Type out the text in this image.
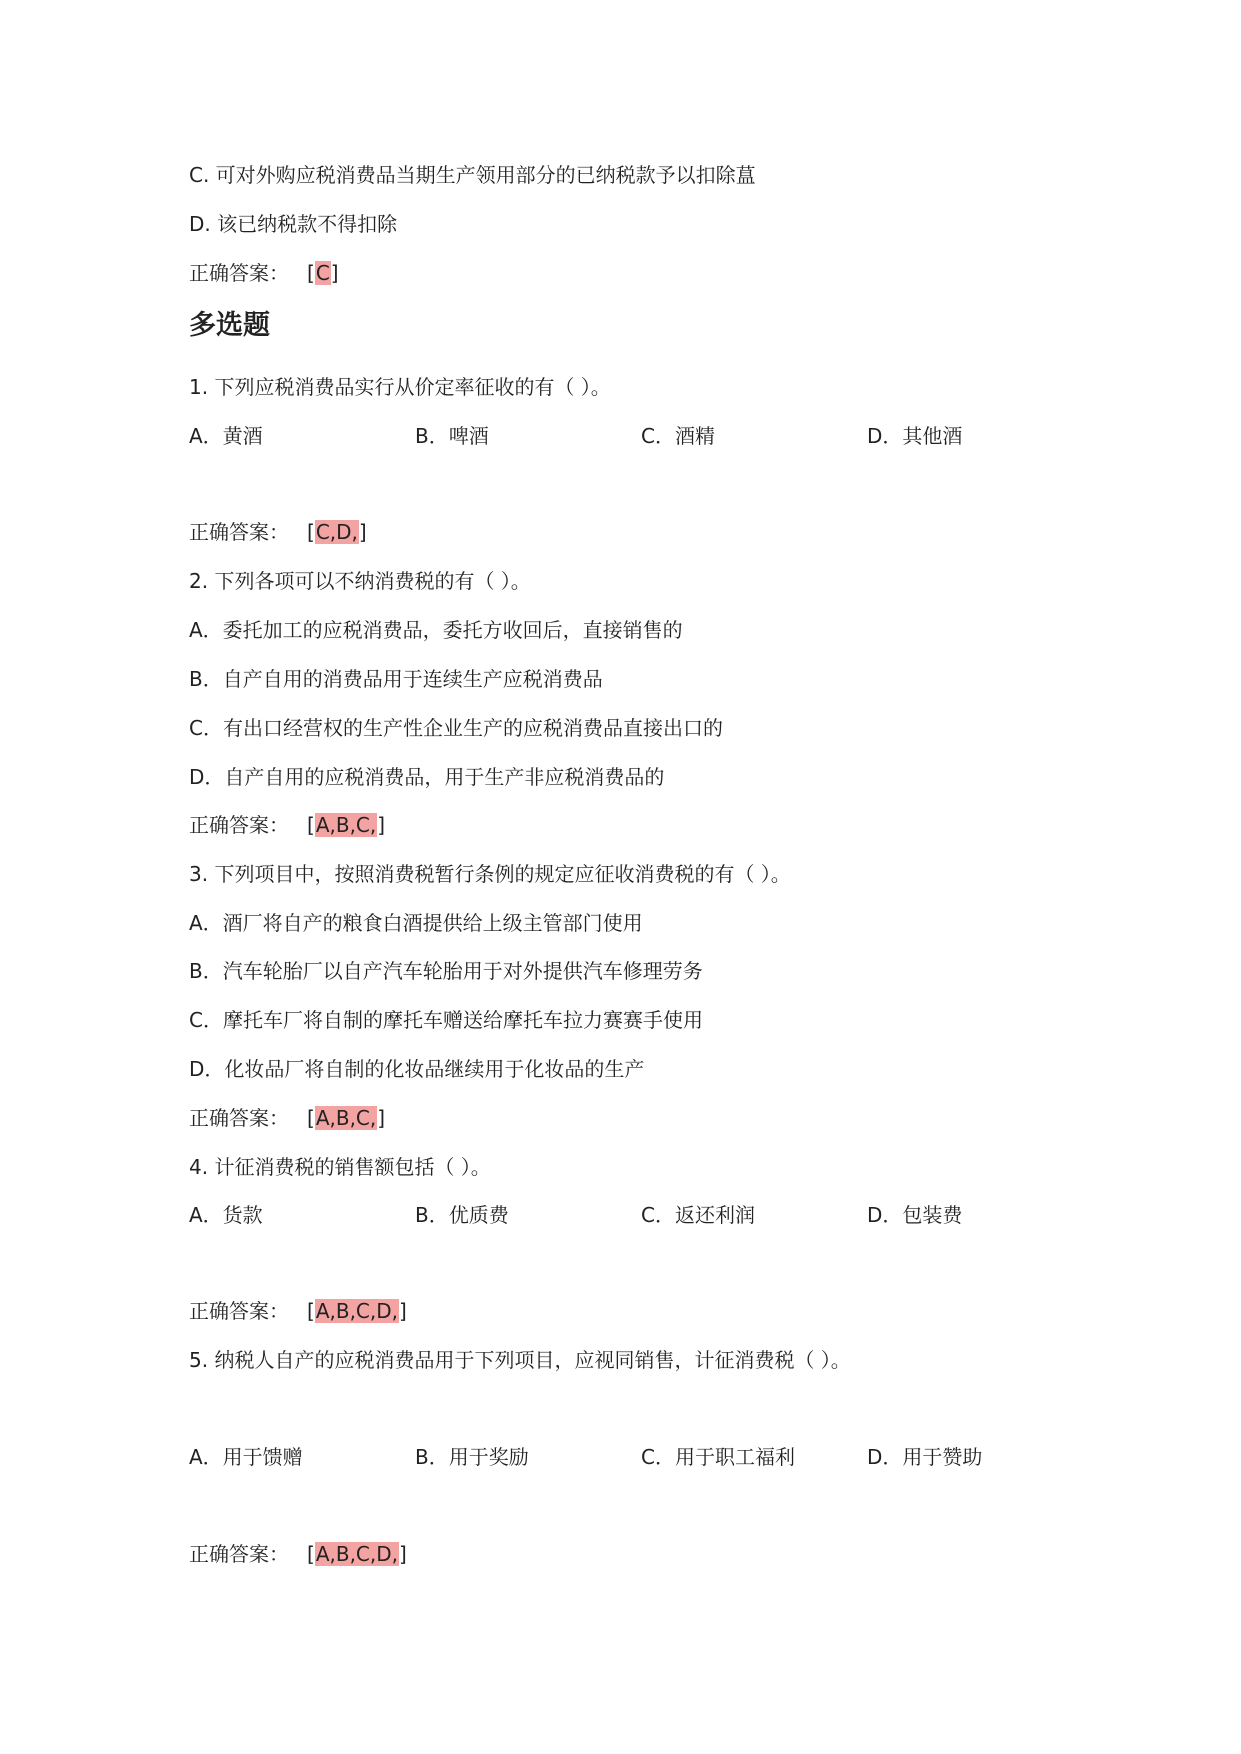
C. 可对外购应税消费品当期生产领用部分的已纳税款予以扣除蒀
D. 该已纳税款不得扣除
正确答案： [C]
多选题
1. 下列应税消费品实行从价定率征收的有（ ）。
A．黄酒	B．啤酒	C．酒精	D．其他酒
正确答案： [C,D,]
2. 下列各项可以不纳消费税的有（ ）。
A．委托加工的应税消费品，委托方收回后，直接销售的
B．自产自用的消费品用于连续生产应税消费品
C．有出口经营权的生产性企业生产的应税消费品直接出口的
D．自产自用的应税消费品，用于生产非应税消费品的
正确答案： [A,B,C,]
3. 下列项目中，按照消费税暂行条例的规定应征收消费税的有（ ）。
A．酒厂将自产的粮食白酒提供给上级主管部门使用
B．汽车轮胎厂以自产汽车轮胎用于对外提供汽车修理劳务
C．摩托车厂将自制的摩托车赠送给摩托车拉力赛赛手使用
D．化妆品厂将自制的化妆品继续用于化妆品的生产
正确答案： [A,B,C,]
4. 计征消费税的销售额包括（ ）。
A．货款	B．优质费	C．返还利润	D．包装费
正确答案： [A,B,C,D,]
5. 纳税人自产的应税消费品用于下列项目，应视同销售，计征消费税（ ）。
A．用于馈赠	B．用于奖励	C．用于职工福利	D．用于赞助
正确答案： [A,B,C,D,]
